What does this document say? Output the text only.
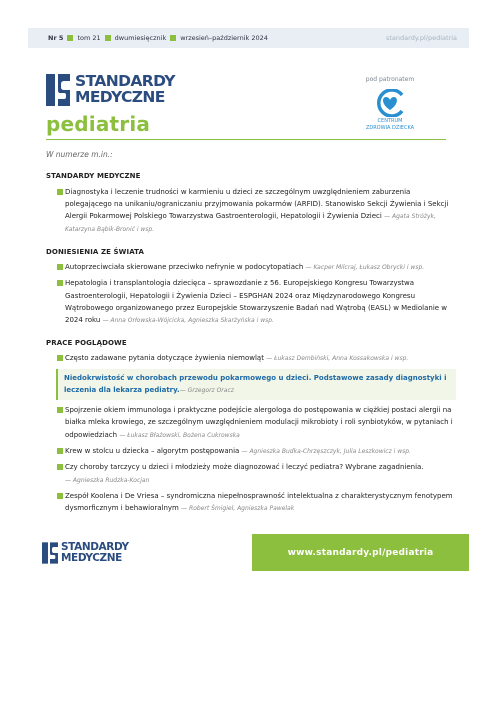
Nr 5 tom 21 dwumiesięcznik wrzesień–październik 2024	standardy.pl/pediatria
STANDARDY
MEDYCZNE
pediatria
pod patronatem
CENTRUM
ZDROWIA DZIECKA
W numerze m.in.:
STANDARDY MEDYCZNE
Diagnostyka i leczenie trudności w karmieniu u dzieci ze szczególnym uwzględnieniem zaburzenia polegającego na unikaniu/ograniczaniu przyjmowania pokarmów (ARFID). Stanowisko Sekcji Żywienia i Sekcji Alergii Pokarmowej Polskiego Towarzystwa Gastroenterologii, Hepatologii i Żywienia Dzieci — Agata Stróżyk, Katarzyna Bąbik-Bronić i wsp.
DONIESIENIA ZE ŚWIATA
Autoprzeciwciała skierowane przeciwko nefrynie w podocytopatiach — Kacper Milcraj, Łukasz Obrycki i wsp.
Hepatologia i transplantologia dziecięca – sprawozdanie z 56. Europejskiego Kongresu Towarzystwa Gastroenterologii, Hepatologii i Żywienia Dzieci – ESPGHAN 2024 oraz Międzynarodowego Kongresu Wątrobowego organizowanego przez Europejskie Stowarzyszenie Badań nad Wątrobą (EASL) w Mediolanie w 2024 roku — Anna Orłowska-Wójcicka, Agnieszka Skarżyńska i wsp.
PRACE POGLĄDOWE
Często zadawane pytania dotyczące żywienia niemowląt — Łukasz Dembiński, Anna Kossakowska i wsp.
Niedokrwistość w chorobach przewodu pokarmowego u dzieci. Podstawowe zasady diagnostyki i leczenia dla lekarza pediatry.— Grzegorz Oracz
Spojrzenie okiem immunologa i praktyczne podejście alergologa do postępowania w ciężkiej postaci alergii na białka mleka krowiego, ze szczególnym uwzględnieniem modulacji mikrobioty i roli synbiotyków, w pytaniach i odpowiedziach — Łukasz Błażowski, Bożena Cukrowska
Krew w stolcu u dziecka – algorytm postępowania — Agnieszka Budka-Chrzęszczyk, Julia Leszkowicz i wsp.
Czy choroby tarczycy u dzieci i młodzieży może diagnozować i leczyć pediatra? Wybrane zagadnienia.
— Agnieszka Rudzka-Kocjan
Zespół Koolena i De Vriesa – syndromiczna niepełnosprawność intelektualna z charakterystycznym fenotypem dysmorficznym i behawioralnym — Robert Śmigiel, Agnieszka Pawelak
STANDARDY
MEDYCZNE	www.standardy.pl/pediatria
